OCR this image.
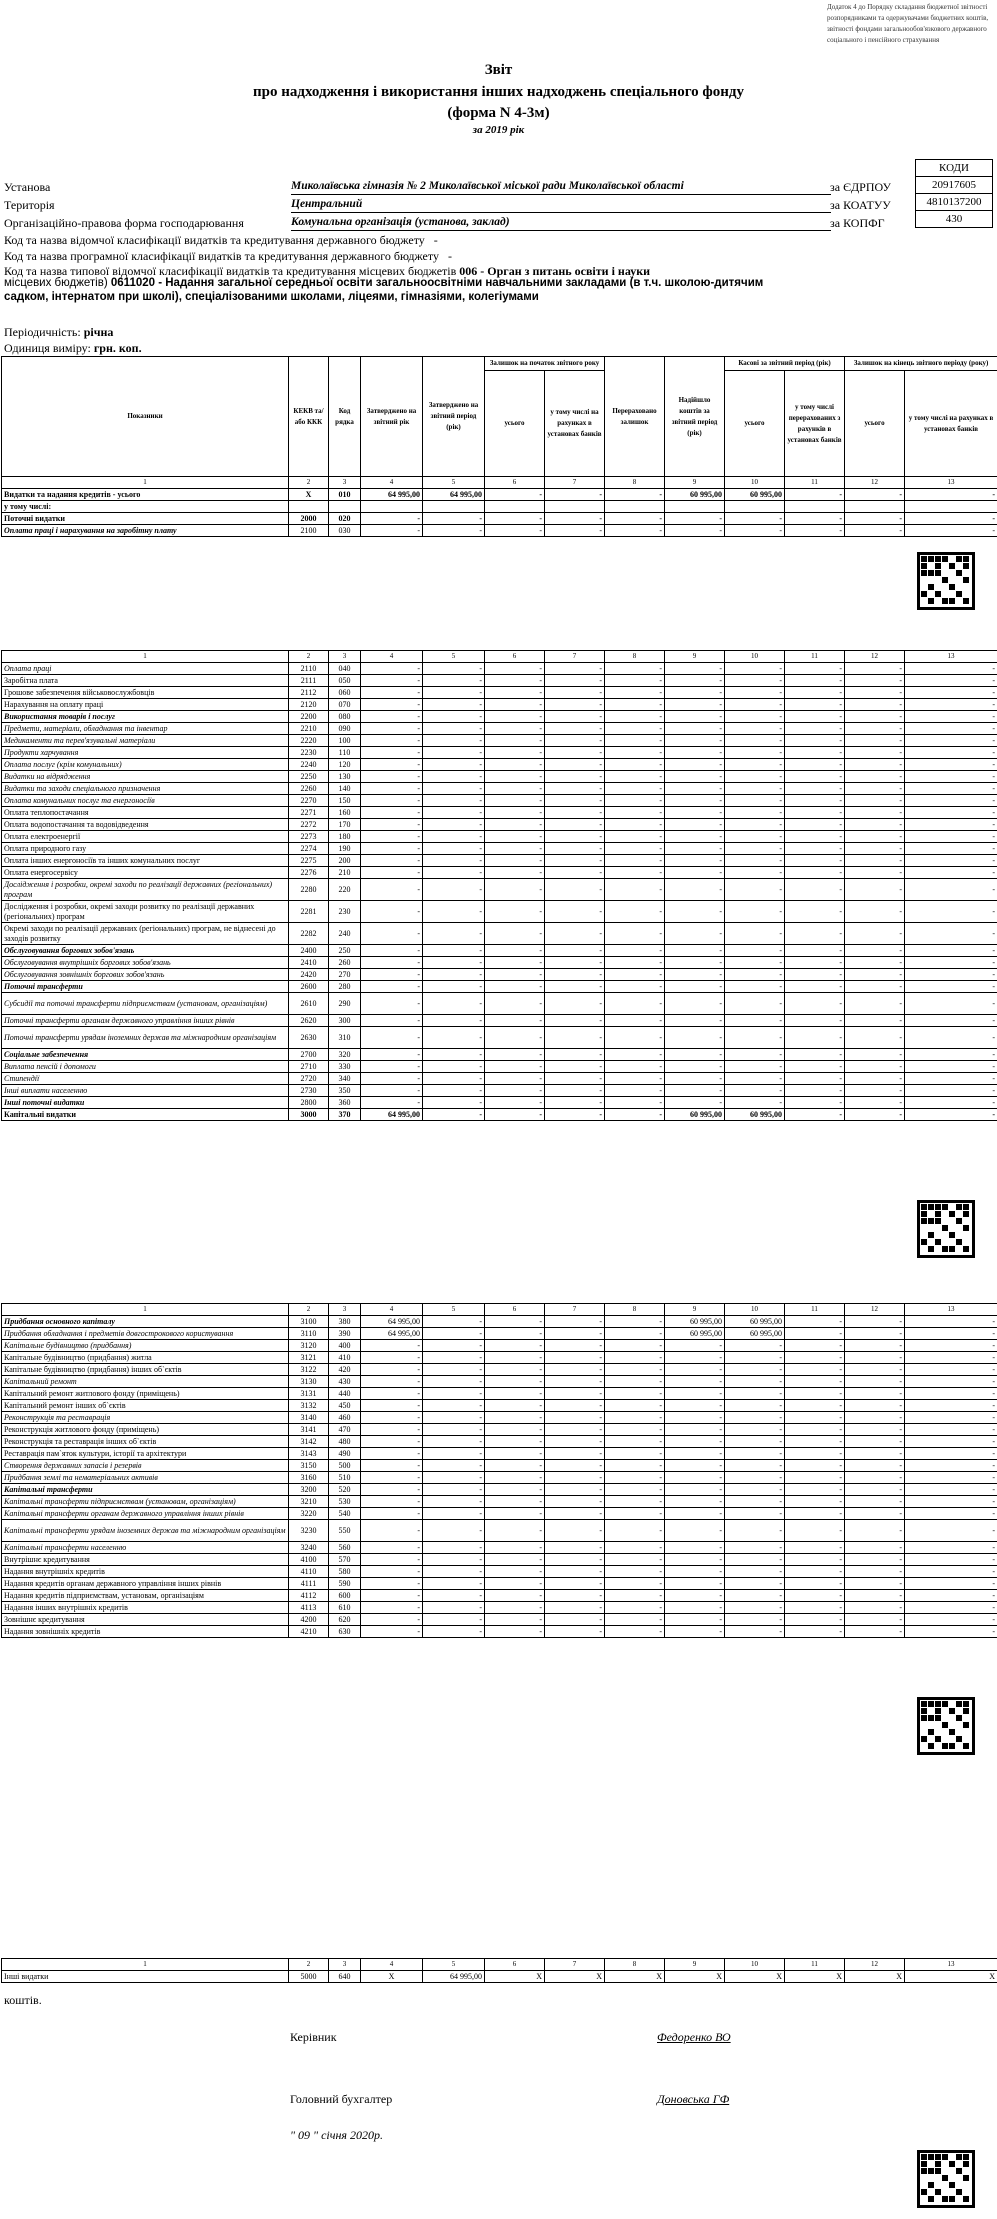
Додаток 4 до Порядку складання бюджетної звітності розпорядниками та одержувачами бюджетних коштів, звітності фондами загальнообов'язкового державного соціального і пенсійного страхування
Звіт
про надходження і використання інших надходжень спеціального фонду
(форма N 4-3м)
за 2019 рік
КОДИ
20917605
4810137200
430
Установа	Миколаївська гімназія № 2 Миколаївської міської ради Миколаївської області	за ЄДРПОУ
Територія	Центральний	за КОАТУУ
Організаційно-правова форма господарювання	Комунальна організація (установа, заклад)	за КОПФГ
Код та назва відомчої класифікації видатків та кредитування державного бюджету -
Код та назва програмної класифікації видатків та кредитування державного бюджету -
Код та назва типової відомчої класифікації видатків та кредитування місцевих бюджетів 006 - Орган з питань освіти і науки
місцевих бюджетів) 0611020 - Надання загальної середньої освіти загальноосвітніми навчальними закладами (в т.ч. школою-дитячим садком, інтернатом при школі), спеціалізованими школами, ліцеями, гімназіями, колегіумами
Періодичність: річна
Одиниця виміру: грн. коп.
Показники	КЕКВ та/або ККК	Код рядка	Затверджено на звітний рік	Затверджено на звітний період (рік)	Залишок на початок звітного року		Перераховано залишок	Надійшло коштів за звітний період (рік)	Касові за звітний період (рік)		Залишок на кінець звітного періоду (року)	
					усього	у тому числі на рахунках в установах банків			усього	у тому числі перерахованих з рахунків в установах банків	усього	у тому числі на рахунках в установах банків
1	2	3	4	5	6	7	8	9	10	11	12	13
Видатки та надання кредитів - усього	X	010	64 995,00	64 995,00	-	-	-	60 995,00	60 995,00	-	-	-
у тому числі:												
Поточні видатки	2000	020	-	-	-	-	-	-	-	-	-	-
Оплата праці і нарахування на заробітну плату	2100	030	-	-	-	-	-	-	-	-	-	-
1	2	3	4	5	6	7	8	9	10	11	12	13
Оплата праці	2110	040	-	-	-	-	-	-	-	-	-	-
Заробітна плата	2111	050	-	-	-	-	-	-	-	-	-	-
Грошове забезпечення військовослужбовців	2112	060	-	-	-	-	-	-	-	-	-	-
Нарахування на оплату праці	2120	070	-	-	-	-	-	-	-	-	-	-
Використання товарів і послуг	2200	080	-	-	-	-	-	-	-	-	-	-
Предмети, матеріали, обладнання та інвентар	2210	090	-	-	-	-	-	-	-	-	-	-
Медикаменти та перев'язувальні матеріали	2220	100	-	-	-	-	-	-	-	-	-	-
Продукти харчування	2230	110	-	-	-	-	-	-	-	-	-	-
Оплата послуг (крім комунальних)	2240	120	-	-	-	-	-	-	-	-	-	-
Видатки на відрядження	2250	130	-	-	-	-	-	-	-	-	-	-
Видатки та заходи спеціального призначення	2260	140	-	-	-	-	-	-	-	-	-	-
Оплата комунальних послуг та енергоносіїв	2270	150	-	-	-	-	-	-	-	-	-	-
Оплата теплопостачання	2271	160	-	-	-	-	-	-	-	-	-	-
Оплата водопостачання та водовідведення	2272	170	-	-	-	-	-	-	-	-	-	-
Оплата електроенергії	2273	180	-	-	-	-	-	-	-	-	-	-
Оплата природного газу	2274	190	-	-	-	-	-	-	-	-	-	-
Оплата інших енергоносіїв та інших комунальних послуг	2275	200	-	-	-	-	-	-	-	-	-	-
Оплата енергосервісу	2276	210	-	-	-	-	-	-	-	-	-	-
Дослідження і розробки, окремі заходи по реалізації державних (регіональних) програм	2280	220	-	-	-	-	-	-	-	-	-	-
Дослідження і розробки, окремі заходи розвитку по реалізації державних (регіональних) програм	2281	230	-	-	-	-	-	-	-	-	-	-
Окремі заходи по реалізації державних (регіональних) програм, не віднесені до заходів розвитку	2282	240	-	-	-	-	-	-	-	-	-	-
Обслуговування боргових зобов'язань	2400	250	-	-	-	-	-	-	-	-	-	-
Обслуговування внутрішніх боргових зобов'язань	2410	260	-	-	-	-	-	-	-	-	-	-
Обслуговування зовнішніх боргових зобов'язань	2420	270	-	-	-	-	-	-	-	-	-	-
Поточні трансферти	2600	280	-	-	-	-	-	-	-	-	-	-
Субсидії та поточні трансферти підприємствам (установам, організаціям)	2610	290	-	-	-	-	-	-	-	-	-	-
Поточні трансферти органам державного управління інших рівнів	2620	300	-	-	-	-	-	-	-	-	-	-
Поточні трансферти урядам іноземних держав та міжнародним організаціям	2630	310	-	-	-	-	-	-	-	-	-	-
Соціальне забезпечення	2700	320	-	-	-	-	-	-	-	-	-	-
Виплата пенсій і допомоги	2710	330	-	-	-	-	-	-	-	-	-	-
Стипендії	2720	340	-	-	-	-	-	-	-	-	-	-
Інші виплати населенню	2730	350	-	-	-	-	-	-	-	-	-	-
Інші поточні видатки	2800	360	-	-	-	-	-	-	-	-	-	-
Капітальні видатки	3000	370	64 995,00	-	-	-	-	60 995,00	60 995,00	-	-	-
1	2	3	4	5	6	7	8	9	10	11	12	13
Придбання основного капіталу	3100	380	64 995,00	-	-	-	-	60 995,00	60 995,00	-	-	-
Придбання обладнання і предметів довгострокового користування	3110	390	64 995,00	-	-	-	-	60 995,00	60 995,00	-	-	-
Капітальне будівництво (придбання)	3120	400	-	-	-	-	-	-	-	-	-	-
Капітальне будівництво (придбання) житла	3121	410	-	-	-	-	-	-	-	-	-	-
Капітальне будівництво (придбання) інших об`єктів	3122	420	-	-	-	-	-	-	-	-	-	-
Капітальний ремонт	3130	430	-	-	-	-	-	-	-	-	-	-
Капітальний ремонт житлового фонду (приміщень)	3131	440	-	-	-	-	-	-	-	-	-	-
Капітальний ремонт інших об`єктів	3132	450	-	-	-	-	-	-	-	-	-	-
Реконструкція та реставрація	3140	460	-	-	-	-	-	-	-	-	-	-
Реконструкція житлового фонду (приміщень)	3141	470	-	-	-	-	-	-	-	-	-	-
Реконструкція та реставрація інших об`єктів	3142	480	-	-	-	-	-	-	-	-	-	-
Реставрація пам`яток культури, історії та архітектури	3143	490	-	-	-	-	-	-	-	-	-	-
Створення державних запасів і резервів	3150	500	-	-	-	-	-	-	-	-	-	-
Придбання землі та нематеріальних активів	3160	510	-	-	-	-	-	-	-	-	-	-
Капітальні трансферти	3200	520	-	-	-	-	-	-	-	-	-	-
Капітальні трансферти підприємствам (установам, організаціям)	3210	530	-	-	-	-	-	-	-	-	-	-
Капітальні трансферти органам державного управління інших рівнів	3220	540	-	-	-	-	-	-	-	-	-	-
Капітальні трансферти урядам іноземних держав та міжнародним організаціям	3230	550	-	-	-	-	-	-	-	-	-	-
Капітальні трансферти населенню	3240	560	-	-	-	-	-	-	-	-	-	-
Внутрішнє кредитування	4100	570	-	-	-	-	-	-	-	-	-	-
Надання внутрішніх кредитів	4110	580	-	-	-	-	-	-	-	-	-	-
Надання кредитів органам державного управління інших рівнів	4111	590	-	-	-	-	-	-	-	-	-	-
Надання кредитів підприємствам, установам, організаціям	4112	600	-	-	-	-	-	-	-	-	-	-
Надання інших внутрішніх кредитів	4113	610	-	-	-	-	-	-	-	-	-	-
Зовнішнє кредитування	4200	620	-	-	-	-	-	-	-	-	-	-
Надання зовнішніх кредитів	4210	630	-	-	-	-	-	-	-	-	-	-
1	2	3	4	5	6	7	8	9	10	11	12	13
Інші видатки	5000	640	X	64 995,00	X	X	X	X	X	X	X	X
коштів.
Керівник	Федоренко ВО
Головний бухгалтер	Доновська ГФ
" 09 " січня 2020р.
